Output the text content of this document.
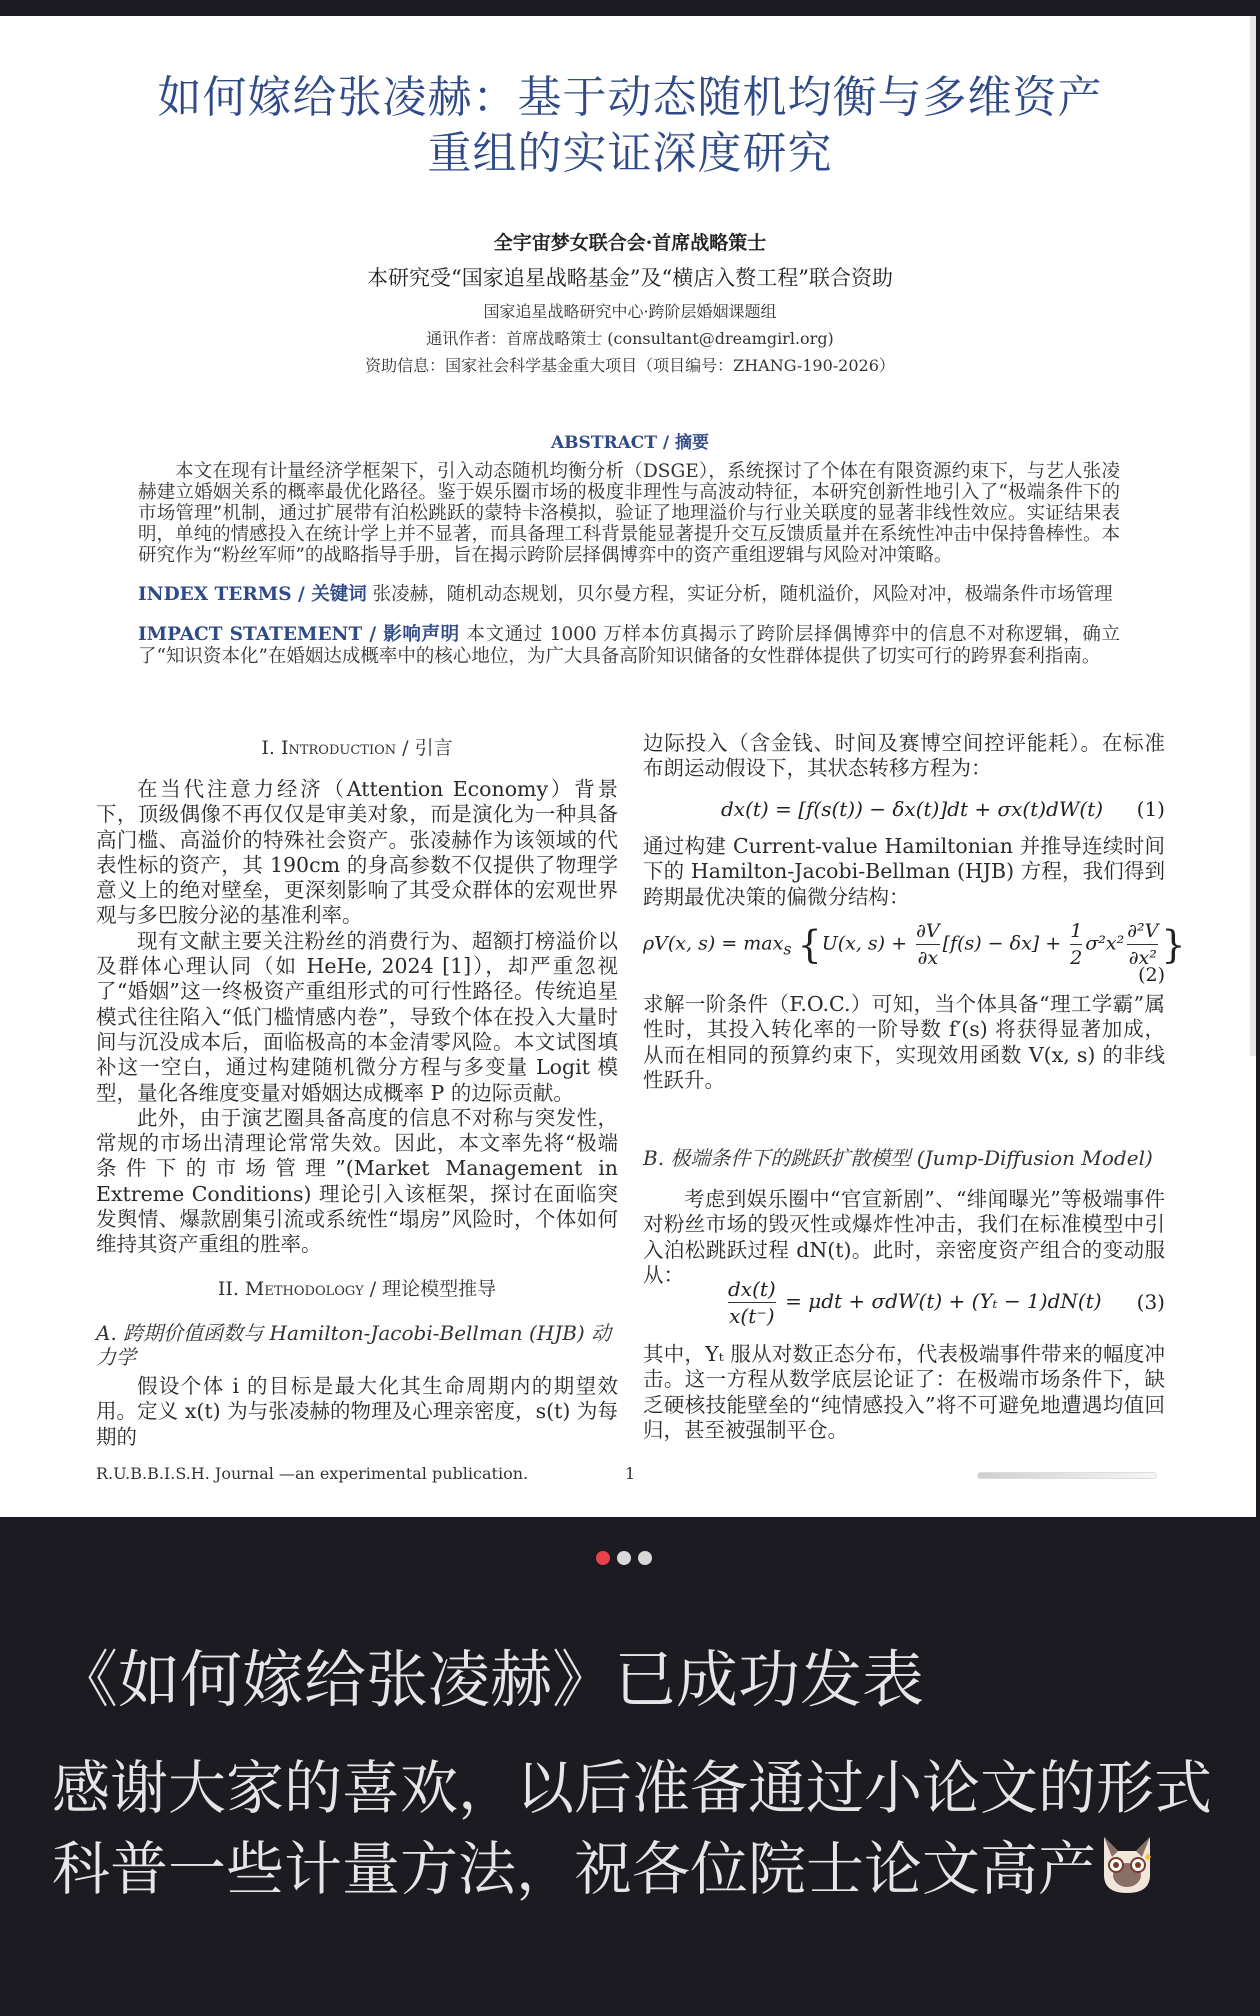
如何嫁给张凌赫：基于动态随机均衡与多维资产
重组的实证深度研究
全宇宙梦女联合会·首席战略策士
本研究受“国家追星战略基金”及“横店入赘工程”联合资助
国家追星战略研究中心·跨阶层婚姻课题组
通讯作者：首席战略策士 (consultant@dreamgirl.org)
资助信息：国家社会科学基金重大项目（项目编号：ZHANG-190-2026）
ABSTRACT / 摘要
本文在现有计量经济学框架下，引入动态随机均衡分析（DSGE），系统探讨了个体在有限资源约束下，与艺人张凌赫建立婚姻关系的概率最优化路径。鉴于娱乐圈市场的极度非理性与高波动特征，本研究创新性地引入了“极端条件下的市场管理”机制，通过扩展带有泊松跳跃的蒙特卡洛模拟，验证了地理溢价与行业关联度的显著非线性效应。实证结果表明，单纯的情感投入在统计学上并不显著，而具备理工科背景能显著提升交互反馈质量并在系统性冲击中保持鲁棒性。本研究作为“粉丝军师”的战略指导手册，旨在揭示跨阶层择偶博弈中的资产重组逻辑与风险对冲策略。
INDEX TERMS / 关键词 张凌赫，随机动态规划，贝尔曼方程，实证分析，随机溢价，风险对冲，极端条件市场管理
IMPACT STATEMENT / 影响声明 本文通过 1000 万样本仿真揭示了跨阶层择偶博弈中的信息不对称逻辑，确立了“知识资本化”在婚姻达成概率中的核心地位，为广大具备高阶知识储备的女性群体提供了切实可行的跨界套利指南。
I. Introduction / 引言

在当代注意力经济（Attention Economy）背景下，顶级偶像不再仅仅是审美对象，而是演化为一种具备高门槛、高溢价的特殊社会资产。张凌赫作为该领域的代表性标的资产，其 190cm 的身高参数不仅提供了物理学意义上的绝对壁垒，更深刻影响了其受众群体的宏观世界观与多巴胺分泌的基准利率。

现有文献主要关注粉丝的消费行为、超额打榜溢价以及群体心理认同（如 HeHe, 2024 [1]），却严重忽视了“婚姻”这一终极资产重组形式的可行性路径。传统追星模式往往陷入“低门槛情感内卷”，导致个体在投入大量时间与沉没成本后，面临极高的本金清零风险。本文试图填补这一空白，通过构建随机微分方程与多变量 Logit 模型，量化各维度变量对婚姻达成概率 P 的边际贡献。

此外，由于演艺圈具备高度的信息不对称与突发性，常规的市场出清理论常常失效。因此，本文率先将“极端条件下的市场管理”(Market Management in Extreme Conditions) 理论引入该框架，探讨在面临突发舆情、爆款剧集引流或系统性“塌房”风险时，个体如何维持其资产重组的胜率。

II. Methodology / 理论模型推导
A. 跨期价值函数与 Hamilton-Jacobi-Bellman (HJB) 动力学
假设个体 i 的目标是最大化其生命周期内的期望效用。定义 x(t) 为与张凌赫的物理及心理亲密度，s(t) 为每期的
边际投入（含金钱、时间及赛博空间控评能耗）。在标准布朗运动假设下，其状态转移方程为：
dx(t) = [f(s(t)) − δx(t)]dt + σx(t)dW(t) (1)
通过构建 Current-value Hamiltonian 并推导连续时间下的 Hamilton-Jacobi-Bellman (HJB) 方程，我们得到跨期最优决策的偏微分结构：
ρV(x, $s) = \max_s \{U(x$, $s) + \frac{\partial V}{\partial x} [f(s) - \delta x] + \frac{1}{2} \sigma^2x^2 \frac{\text{∂²V}}{\text{∂x²}}$ }
(2)
求解一阶条件（F.O.C.）可知，当个体具备“理工学霸”属性时，其投入转化率的一阶导数 f′(s) 将获得显著加成，从而在相同的预算约束下，实现效用函数 V(x, s) 的非线性跃升。
B. 极端条件下的跳跃扩散模型 (Jump-Diffusion Model)
考虑到娱乐圈中“官宣新剧”、“绯闻曝光”等极端事件对粉丝市场的毁灭性或爆炸性冲击，我们在标准模型中引入泊松跳跃过程 dN(t)。此时，亲密度资产组合的变动服从：
$\frac{dx(t)}{x(t^-)} = \mu dt + \sigma dW(t) + (Y_t - 1)dN(t)$ (3)
其中，Yₜ 服从对数正态分布，代表极端事件带来的幅度冲击。这一方程从数学底层论证了：在极端市场条件下，缺乏硬核技能壁垒的“纯情感投入”将不可避免地遭遇均值回归，甚至被强制平仓。
R.U.B.B.I.S.H. Journal —an experimental publication.	1
《如何嫁给张凌赫》已成功发表
感谢大家的喜欢，以后准备通过小论文的形式科普一些计量方法，祝各位院士论文高产
